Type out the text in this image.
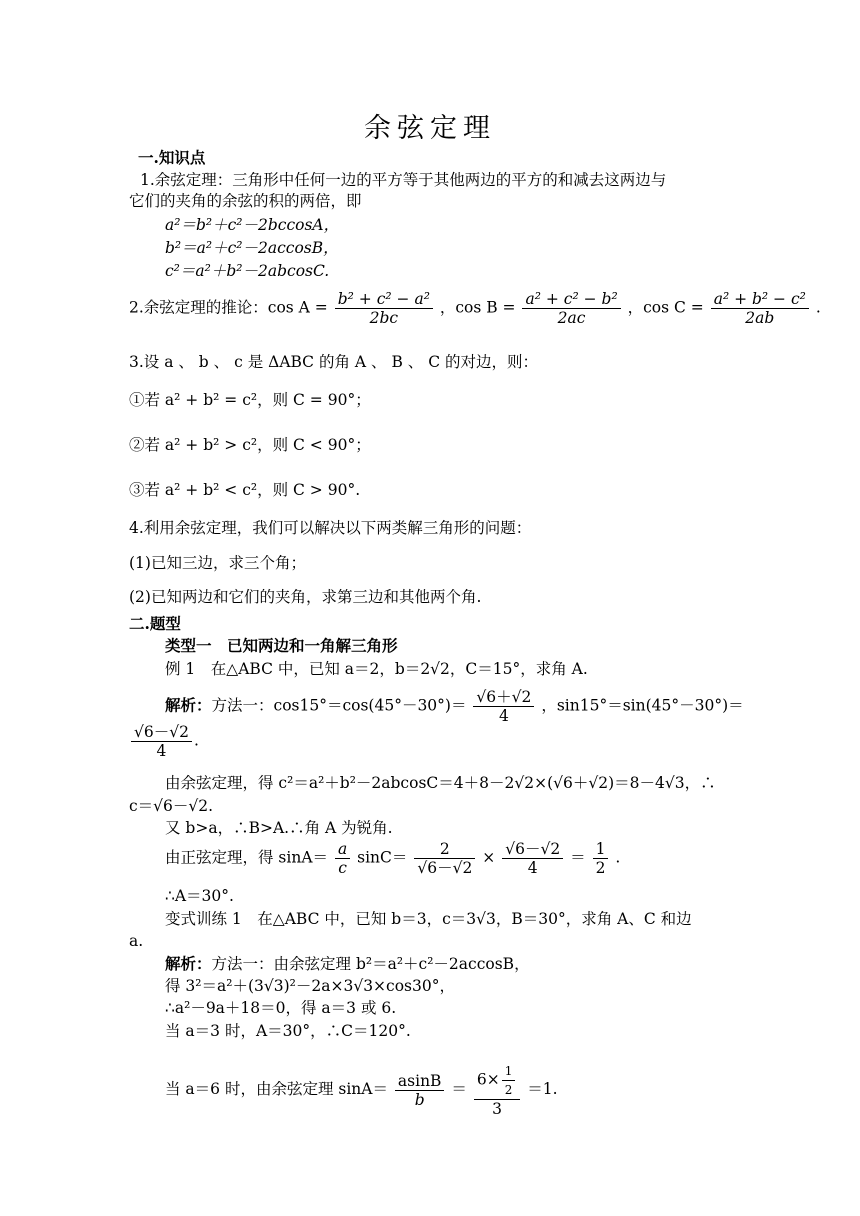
余弦定理
一.知识点
1.余弦定理：三角形中任何一边的平方等于其他两边的平方的和减去这两边与
它们的夹角的余弦的积的两倍，即
a²＝b²＋c²－2bccosA，
b²＝a²＋c²－2accosB，
c²＝a²＋b²－2abcosC.
2.余弦定理的推论：$\cos A = \frac{\text{b² + c² − a²}}{2bc}$ ，$\cos B = \frac{\text{a² + c² − b²}}{2ac}$ ，$\cos C = \frac{\text{a² + b² − c²}}{2ab}$ .
3.设 a 、 b 、 c 是 ΔABC 的角 A 、 B 、 C 的对边，则：
①若 a² + b² = c²，则 C = 90°；
②若 a² + b² > c²，则 C < 90°；
③若 a² + b² < c²，则 C > 90°.
4.利用余弦定理，我们可以解决以下两类解三角形的问题：
(1)已知三边，求三个角；
(2)已知两边和它们的夹角，求第三边和其他两个角.
二.题型
类型一　已知两边和一角解三角形
例 1　在△ABC 中，已知 a＝2，b＝2√2，C＝15°，求角 A.
解析：方法一：$\cos 15^\circ=\cos(45^\circ-30^\circ)= \frac{√6+√2}{4}$ ，sin15°＝sin(45°－30°)＝
$\frac{√6-√2}{4}$ .
由余弦定理，得 c²＝a²＋b²－2abcosC＝4＋8－2√2×(√6＋√2)＝8－4√3，∴
c＝√6－√2.
又 b>a，∴B>A.∴角 A 为锐角.
由正弦定理，得 $\sin A= \frac{a}{c} \sin C= \frac{2}{√6-√2} \times \frac{√6-√2}{4} = \frac{1}{2}$ .
∴A＝30°.
变式训练 1　在△ABC 中，已知 b＝3，c＝3√3，B＝30°，求角 A、C 和边
a.
解析：方法一：由余弦定理 b²＝a²＋c²－2accosB，
得 3²＝a²＋(3√3)²－2a×3√3×cos30°，
∴a²－9a＋18＝0，得 a＝3 或 6.
当 a＝3 时，A＝30°，∴C＝120°.
当 a＝6 时，由余弦定理 $\sin A= \frac{asinB}{b} = \frac{6\times \frac{1}{2}}{3} =1$.
